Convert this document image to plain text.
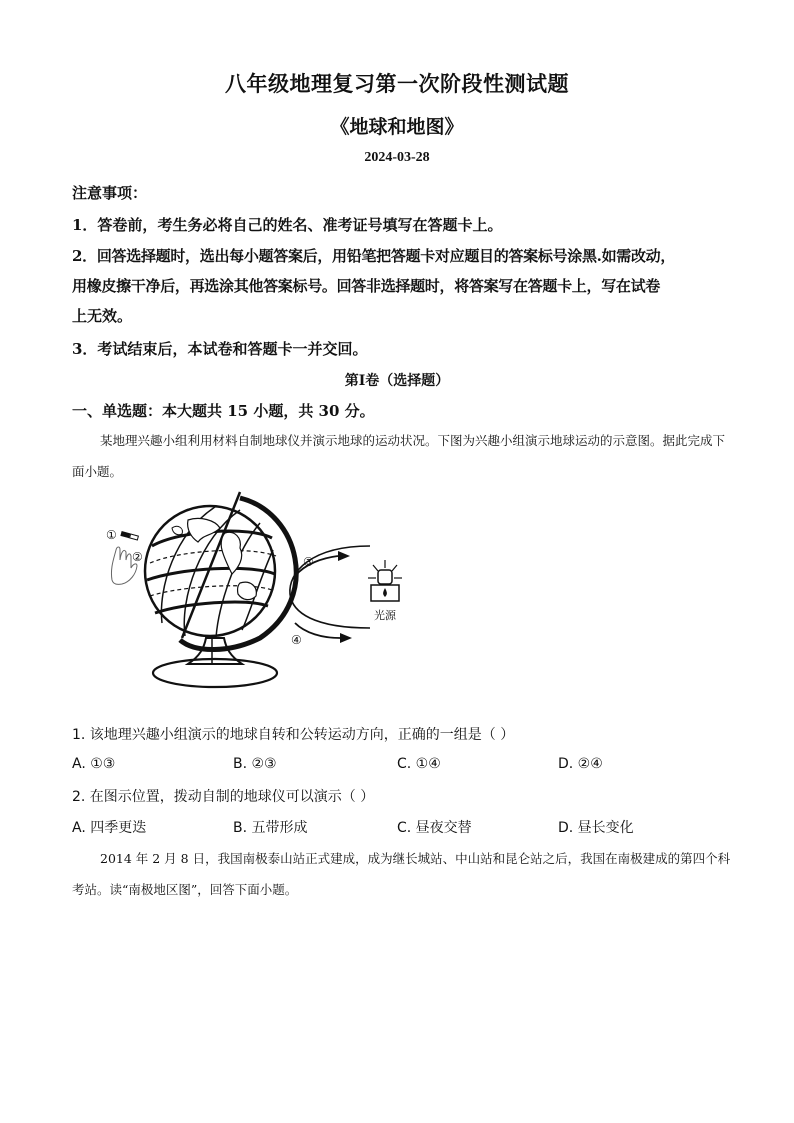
八年级地理复习第一次阶段性测试题
《地球和地图》
2024-03-28
注意事项：
1．答卷前，考生务必将自己的姓名、准考证号填写在答题卡上。
2．回答选择题时，选出每小题答案后，用铅笔把答题卡对应题目的答案标号涂黑.如需改动，
用橡皮擦干净后，再选涂其他答案标号。回答非选择题时，将答案写在答题卡上，写在试卷
上无效。
3．考试结束后，本试卷和答题卡一并交回。
第Ⅰ卷（选择题）
一、单选题：本大题共 15 小题，共 30 分。
某地理兴趣小组利用材料自制地球仪并演示地球的运动状况。下图为兴趣小组演示地球运动的示意图。据此完成下面小题。
①
②	③
④
光源
1. 该地理兴趣小组演示的地球自转和公转运动方向，正确的一组是（ ）
A. ①③	B. ②③	C. ①④	D. ②④
2. 在图示位置，拨动自制的地球仪可以演示（ ）
A. 四季更迭	B. 五带形成	C. 昼夜交替	D. 昼长变化
2014 年 2 月 8 日，我国南极泰山站正式建成，成为继长城站、中山站和昆仑站之后，我国在南极建成的第四个科考站。读“南极地区图”，回答下面小题。
